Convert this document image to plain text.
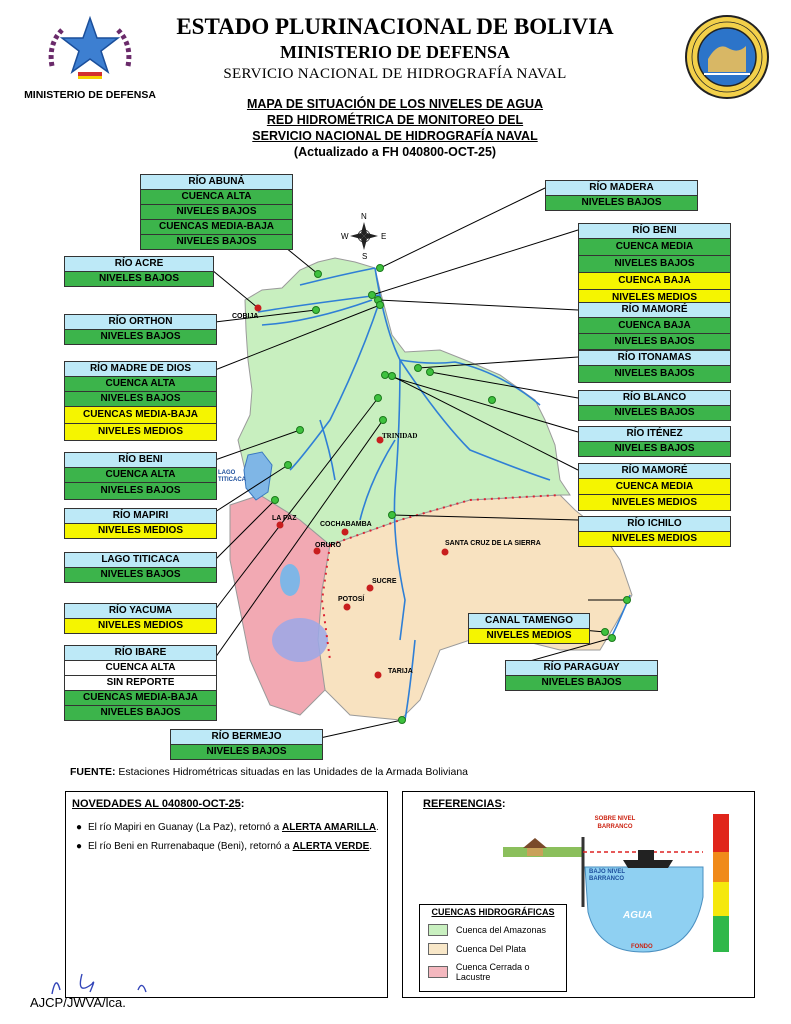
MINISTERIO DE DEFENSA
ESTADO PLURINACIONAL DE BOLIVIA
MINISTERIO DE DEFENSA
SERVICIO NACIONAL DE HIDROGRAFÍA NAVAL
MAPA DE SITUACIÓN DE LOS NIVELES DE AGUA
RED HIDROMÉTRICA DE MONITOREO DEL
SERVICIO NACIONAL DE HIDROGRAFÍA NAVAL
(Actualizado a FH 040800-OCT-25)
N
S
E
W
COBIJA
TRINIDAD
LA PAZ
COCHABAMBA
ORURO	SANTA CRUZ DE LA SIERRA
SUCRE
POTOSÍ
TARIJA
LAGO TITICACA
RÍO ABUNÁ
CUENCA ALTA
NIVELES BAJOS
CUENCAS MEDIA-BAJA
NIVELES BAJOS
RÍO ACRE
NIVELES BAJOS
RÍO ORTHON
NIVELES BAJOS
RÍO MADRE DE DIOS
CUENCA ALTA
NIVELES BAJOS
CUENCAS MEDIA-BAJA
NIVELES MEDIOS
RÍO BENI
CUENCA ALTA
NIVELES BAJOS
RÍO MAPIRI
NIVELES MEDIOS
LAGO TITICACA
NIVELES BAJOS
RÍO YACUMA
NIVELES MEDIOS
RÍO IBARE
CUENCA ALTA
SIN REPORTE
CUENCAS MEDIA-BAJA
NIVELES BAJOS
RÍO BERMEJO
NIVELES BAJOS
RÍO MADERA
NIVELES BAJOS
RÍO BENI
CUENCA MEDIA
NIVELES BAJOS
CUENCA BAJA
NIVELES MEDIOS
RÍO MAMORÉ
CUENCA BAJA
NIVELES BAJOS
RÍO ITONAMAS
NIVELES BAJOS
RÍO BLANCO
NIVELES BAJOS
RÍO ITÉNEZ
NIVELES BAJOS
RÍO MAMORÉ
CUENCA MEDIA
NIVELES MEDIOS
RÍO ICHILO
NIVELES MEDIOS
CANAL TAMENGO
NIVELES MEDIOS
RÍO PARAGUAY
NIVELES BAJOS
FUENTE: Estaciones Hidrométricas situadas en las Unidades de la Armada Boliviana
NOVEDADES AL 040800-OCT-25:
● El río Mapiri en Guanay (La Paz), retornó a ALERTA AMARILLA.
● El río Beni en Rurrenabaque (Beni), retornó a ALERTA VERDE.
REFERENCIAS:
SOBRE NIVEL BARRANCO
BAJO NIVEL BARRANCO
AGUA
FONDO
CUENCAS HIDROGRÁFICAS
Cuenca del Amazonas
Cuenca Del Plata
Cuenca Cerrada o Lacustre
AJCP/JWVA/lca.
